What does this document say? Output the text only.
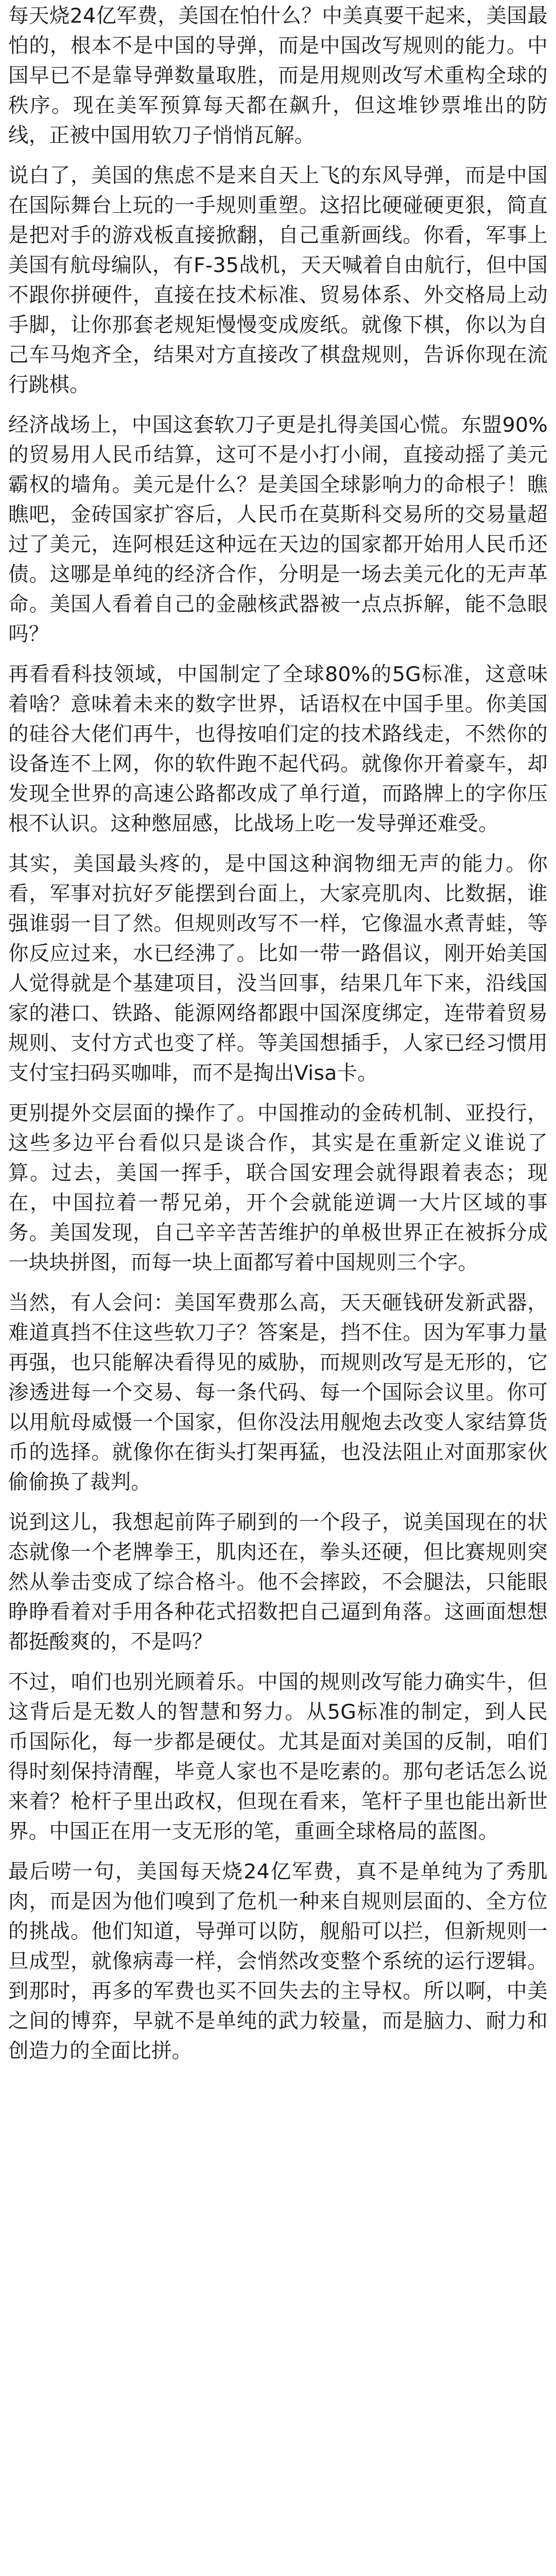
每天烧24亿军费，美国在怕什么？中美真要干起来，美国最怕的，根本不是中国的导弹，而是中国改写规则的能力。中国早已不是靠导弹数量取胜，而是用规则改写术重构全球的秩序。现在美军预算每天都在飙升，但这堆钞票堆出的防线，正被中国用软刀子悄悄瓦解。

说白了，美国的焦虑不是来自天上飞的东风导弹，而是中国在国际舞台上玩的一手规则重塑。这招比硬碰硬更狠，简直是把对手的游戏板直接掀翻，自己重新画线。你看，军事上美国有航母编队，有F-35战机，天天喊着自由航行，但中国不跟你拼硬件，直接在技术标准、贸易体系、外交格局上动手脚，让你那套老规矩慢慢变成废纸。就像下棋，你以为自己车马炮齐全，结果对方直接改了棋盘规则，告诉你现在流行跳棋。

经济战场上，中国这套软刀子更是扎得美国心慌。东盟90%的贸易用人民币结算，这可不是小打小闹，直接动摇了美元霸权的墙角。美元是什么？是美国全球影响力的命根子！瞧瞧吧，金砖国家扩容后，人民币在莫斯科交易所的交易量超过了美元，连阿根廷这种远在天边的国家都开始用人民币还债。这哪是单纯的经济合作，分明是一场去美元化的无声革命。美国人看着自己的金融核武器被一点点拆解，能不急眼吗？

再看看科技领域，中国制定了全球80%的5G标准，这意味着啥？意味着未来的数字世界，话语权在中国手里。你美国的硅谷大佬们再牛，也得按咱们定的技术路线走，不然你的设备连不上网，你的软件跑不起代码。就像你开着豪车，却发现全世界的高速公路都改成了单行道，而路牌上的字你压根不认识。这种憋屈感，比战场上吃一发导弹还难受。

其实，美国最头疼的，是中国这种润物细无声的能力。你看，军事对抗好歹能摆到台面上，大家亮肌肉、比数据，谁强谁弱一目了然。但规则改写不一样，它像温水煮青蛙，等你反应过来，水已经沸了。比如一带一路倡议，刚开始美国人觉得就是个基建项目，没当回事，结果几年下来，沿线国家的港口、铁路、能源网络都跟中国深度绑定，连带着贸易规则、支付方式也变了样。等美国想插手，人家已经习惯用支付宝扫码买咖啡，而不是掏出Visa卡。

更别提外交层面的操作了。中国推动的金砖机制、亚投行，这些多边平台看似只是谈合作，其实是在重新定义谁说了算。过去，美国一挥手，联合国安理会就得跟着表态；现在，中国拉着一帮兄弟，开个会就能逆调一大片区域的事务。美国发现，自己辛辛苦苦维护的单极世界正在被拆分成一块块拼图，而每一块上面都写着中国规则三个字。

当然，有人会问：美国军费那么高，天天砸钱研发新武器，难道真挡不住这些软刀子？答案是，挡不住。因为军事力量再强，也只能解决看得见的威胁，而规则改写是无形的，它渗透进每一个交易、每一条代码、每一个国际会议里。你可以用航母威慑一个国家，但你没法用舰炮去改变人家结算货币的选择。就像你在街头打架再猛，也没法阻止对面那家伙偷偷换了裁判。

说到这儿，我想起前阵子刷到的一个段子，说美国现在的状态就像一个老牌拳王，肌肉还在，拳头还硬，但比赛规则突然从拳击变成了综合格斗。他不会摔跤，不会腿法，只能眼睁睁看着对手用各种花式招数把自己逼到角落。这画面想想都挺酸爽的，不是吗？

不过，咱们也别光顾着乐。中国的规则改写能力确实牛，但这背后是无数人的智慧和努力。从5G标准的制定，到人民币国际化，每一步都是硬仗。尤其是面对美国的反制，咱们得时刻保持清醒，毕竟人家也不是吃素的。那句老话怎么说来着？枪杆子里出政权，但现在看来，笔杆子里也能出新世界。中国正在用一支无形的笔，重画全球格局的蓝图。

最后唠一句，美国每天烧24亿军费，真不是单纯为了秀肌肉，而是因为他们嗅到了危机一种来自规则层面的、全方位的挑战。他们知道，导弹可以防，舰船可以拦，但新规则一旦成型，就像病毒一样，会悄然改变整个系统的运行逻辑。到那时，再多的军费也买不回失去的主导权。所以啊，中美之间的博弈，早就不是单纯的武力较量，而是脑力、耐力和创造力的全面比拼。
